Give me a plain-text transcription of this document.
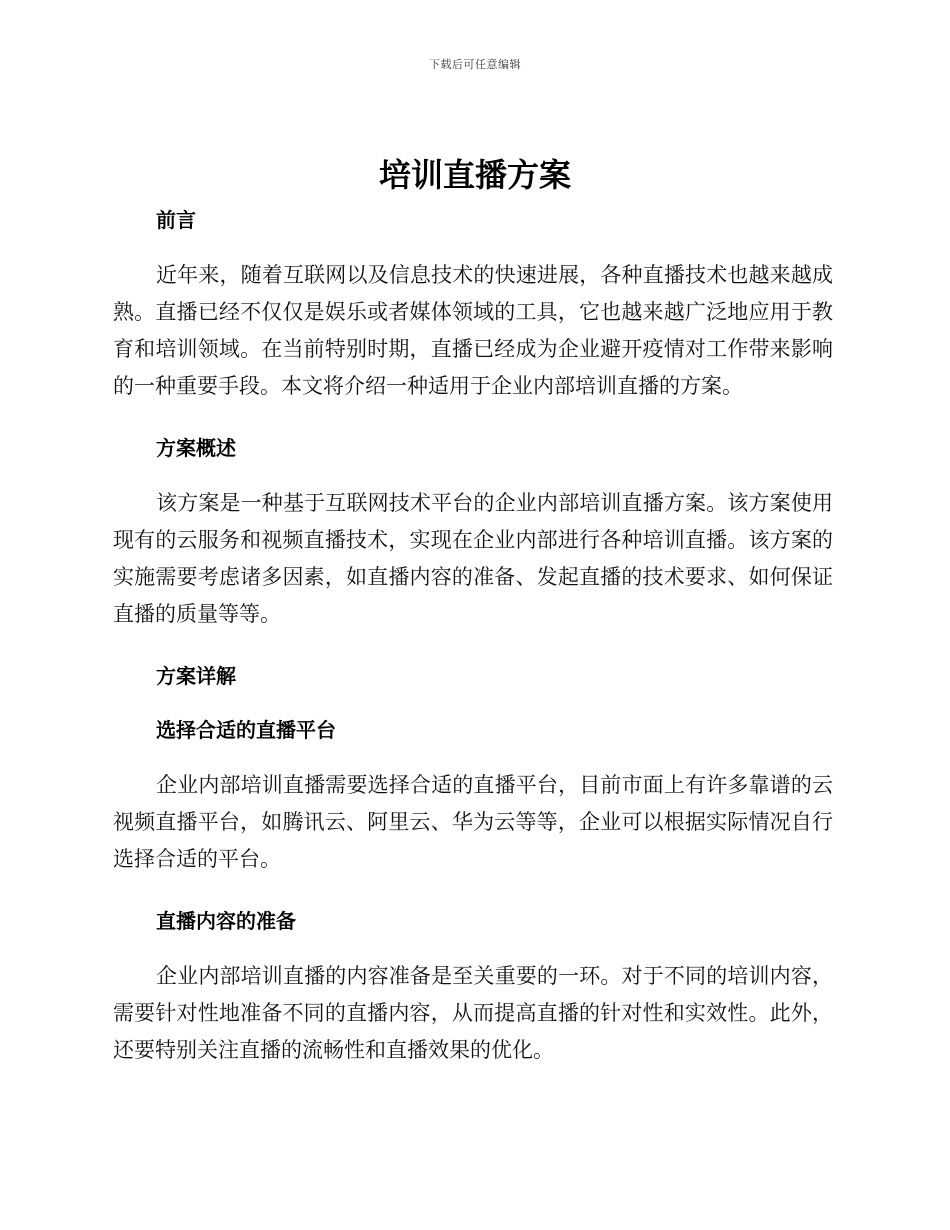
下载后可任意编辑
培训直播方案
前言

近年来，随着互联网以及信息技术的快速进展，各种直播技术也越来越成熟。直播已经不仅仅是娱乐或者媒体领域的工具，它也越来越广泛地应用于教育和培训领域。在当前特别时期，直播已经成为企业避开疫情对工作带来影响的一种重要手段。本文将介绍一种适用于企业内部培训直播的方案。

方案概述

该方案是一种基于互联网技术平台的企业内部培训直播方案。该方案使用现有的云服务和视频直播技术，实现在企业内部进行各种培训直播。该方案的实施需要考虑诸多因素，如直播内容的准备、发起直播的技术要求、如何保证直播的质量等等。

方案详解
选择合适的直播平台

企业内部培训直播需要选择合适的直播平台，目前市面上有许多靠谱的云视频直播平台，如腾讯云、阿里云、华为云等等，企业可以根据实际情况自行选择合适的平台。

直播内容的准备

企业内部培训直播的内容准备是至关重要的一环。对于不同的培训内容，需要针对性地准备不同的直播内容，从而提高直播的针对性和实效性。此外，还要特别关注直播的流畅性和直播效果的优化。
